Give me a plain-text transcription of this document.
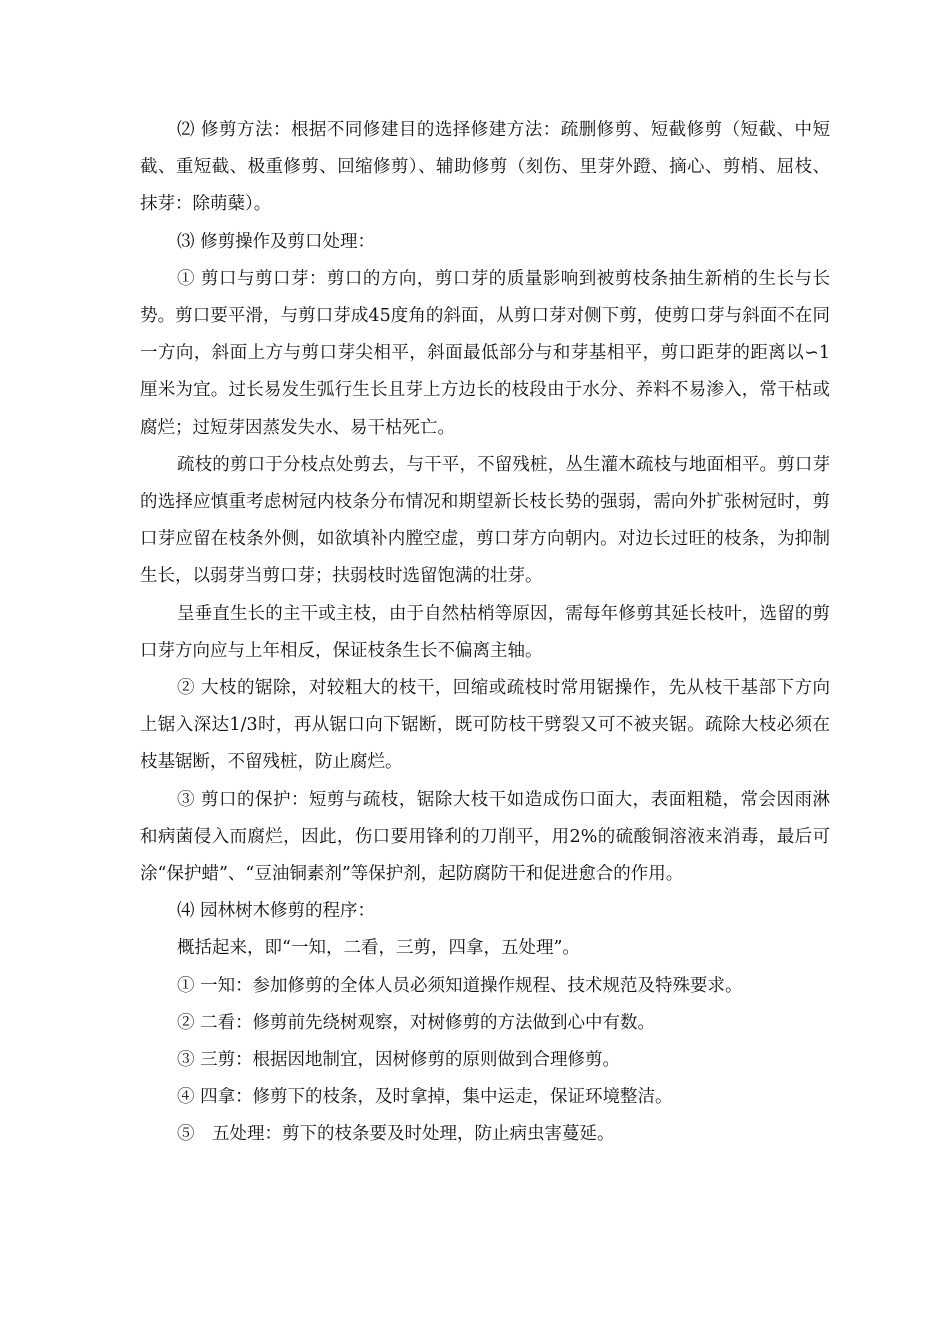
⑵ 修剪方法：根据不同修建目的选择修建方法：疏删修剪、短截修剪（短截、中短截、重短截、极重修剪、回缩修剪）、辅助修剪（刻伤、里芽外蹬、摘心、剪梢、屈枝、抹芽：除萌蘖）。

⑶ 修剪操作及剪口处理：

① 剪口与剪口芽：剪口的方向，剪口芽的质量影响到被剪枝条抽生新梢的生长与长势。剪口要平滑，与剪口芽成45度角的斜面，从剪口芽对侧下剪，使剪口芽与斜面不在同一方向，斜面上方与剪口芽尖相平，斜面最低部分与和芽基相平，剪口距芽的距离以∽1厘米为宜。过长易发生弧行生长且芽上方边长的枝段由于水分、养料不易渗入，常干枯或腐烂；过短芽因蒸发失水、易干枯死亡。

疏枝的剪口于分枝点处剪去，与干平，不留残桩，丛生灌木疏枝与地面相平。剪口芽的选择应慎重考虑树冠内枝条分布情况和期望新长枝长势的强弱，需向外扩张树冠时，剪口芽应留在枝条外侧，如欲填补内膛空虚，剪口芽方向朝内。对边长过旺的枝条，为抑制生长，以弱芽当剪口芽；扶弱枝时选留饱满的壮芽。

呈垂直生长的主干或主枝，由于自然枯梢等原因，需每年修剪其延长枝叶，选留的剪口芽方向应与上年相反，保证枝条生长不偏离主轴。

② 大枝的锯除，对较粗大的枝干，回缩或疏枝时常用锯操作，先从枝干基部下方向上锯入深达1/3时，再从锯口向下锯断，既可防枝干劈裂又可不被夹锯。疏除大枝必须在枝基锯断，不留残桩，防止腐烂。

③ 剪口的保护：短剪与疏枝，锯除大枝干如造成伤口面大，表面粗糙，常会因雨淋和病菌侵入而腐烂，因此，伤口要用锋利的刀削平，用2%的硫酸铜溶液来消毒，最后可涂“保护蜡”、“豆油铜素剂”等保护剂，起防腐防干和促进愈合的作用。

⑷ 园林树木修剪的程序：

概括起来，即“一知，二看，三剪，四拿，五处理”。

① 一知：参加修剪的全体人员必须知道操作规程、技术规范及特殊要求。

② 二看：修剪前先绕树观察，对树修剪的方法做到心中有数。

③ 三剪：根据因地制宜，因树修剪的原则做到合理修剪。

④ 四拿：修剪下的枝条，及时拿掉，集中运走，保证环境整洁。

⑤　五处理：剪下的枝条要及时处理，防止病虫害蔓延。
